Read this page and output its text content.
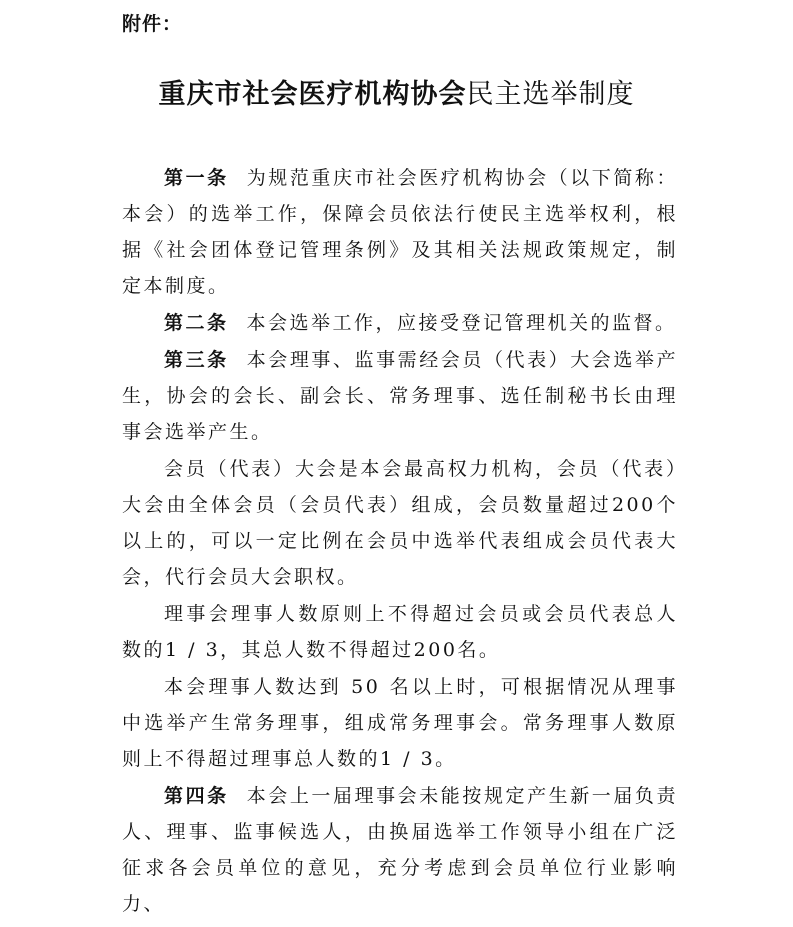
附件：
重庆市社会医疗机构协会民主选举制度

第一条 为规范重庆市社会医疗机构协会（以下简称：本会）的选举工作，保障会员依法行使民主选举权利，根据《社会团体登记管理条例》及其相关法规政策规定，制定本制度。

第二条 本会选举工作，应接受登记管理机关的监督。

第三条 本会理事、监事需经会员（代表）大会选举产生，协会的会长、副会长、常务理事、选任制秘书长由理事会选举产生。

会员（代表）大会是本会最高权力机构，会员（代表）大会由全体会员（会员代表）组成，会员数量超过200个以上的，可以一定比例在会员中选举代表组成会员代表大会，代行会员大会职权。

理事会理事人数原则上不得超过会员或会员代表总人数的1 / 3，其总人数不得超过200名。

本会理事人数达到 50 名以上时，可根据情况从理事中选举产生常务理事，组成常务理事会。常务理事人数原则上不得超过理事总人数的1 / 3。

第四条 本会上一届理事会未能按规定产生新一届负责人、理事、监事候选人，由换届选举工作领导小组在广泛征求各会员单位的意见，充分考虑到会员单位行业影响力、
